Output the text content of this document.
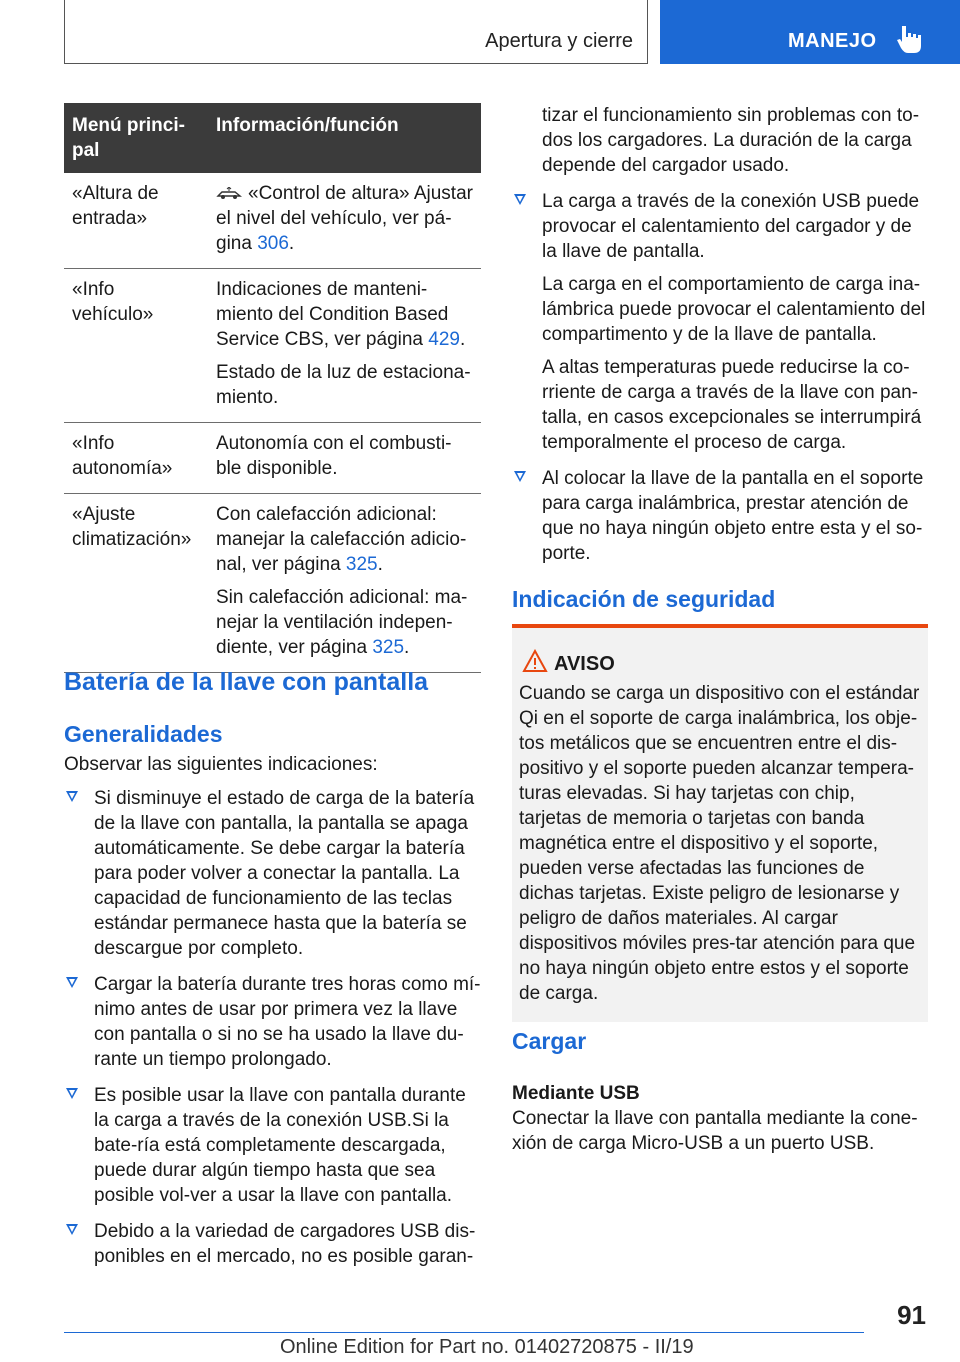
Apertura y cierre	MANEJO
Menú princi-pal	Información/función
«Altura de entrada»	«Control de altura» Ajustar el nivel del vehículo, ver pá-gina 306.

«Info vehículo»	Indicaciones de manteni-miento del Condition Based Service CBS, ver página 429.

Estado de la luz de estaciona-miento.

«Info autonomía»	Autonomía con el combusti-ble disponible.

«Ajuste climatización»	Con calefacción adicional: manejar la calefacción adicio-nal, ver página 325.

Sin calefacción adicional: ma-nejar la ventilación indepen-diente, ver página 325.

Batería de la llave con pantalla
Generalidades

Observar las siguientes indicaciones:

Si disminuye el estado de carga de la batería de la llave con pantalla, la pantalla se apaga automáticamente. Se debe cargar la batería para poder volver a conectar la pantalla. La capacidad de funcionamiento de las teclas estándar permanece hasta que la batería se descargue por completo.
Cargar la batería durante tres horas como mí-nimo antes de usar por primera vez la llave con pantalla o si no se ha usado la llave du-rante un tiempo prolongado.
Es posible usar la llave con pantalla durante la carga a través de la conexión USB.Si la bate-ría está completamente descargada, puede durar algún tiempo hasta que sea posible vol-ver a usar la llave con pantalla.
Debido a la variedad de cargadores USB dis-ponibles en el mercado, no es posible garan-

tizar el funcionamiento sin problemas con to-dos los cargadores. La duración de la carga depende del cargador usado.

La carga a través de la conexión USB puede provocar el calentamiento del cargador y de la llave de pantalla.

La carga en el comportamiento de carga ina-lámbrica puede provocar el calentamiento del compartimento y de la llave de pantalla.

A altas temperaturas puede reducirse la co-rriente de carga a través de la llave con pan-talla, en casos excepcionales se interrumpirá temporalmente el proceso de carga.

Al colocar la llave de la pantalla en el soporte para carga inalámbrica, prestar atención de que no haya ningún objeto entre esta y el so-porte.

Indicación de seguridad
AVISO

Cuando se carga un dispositivo con el estándar Qi en el soporte de carga inalámbrica, los obje-tos metálicos que se encuentren entre el dis-positivo y el soporte pueden alcanzar tempera-turas elevadas. Si hay tarjetas con chip, tarjetas de memoria o tarjetas con banda magnética entre el dispositivo y el soporte, pueden verse afectadas las funciones de dichas tarjetas. Existe peligro de lesionarse y peligro de daños materiales. Al cargar dispositivos móviles pres-tar atención para que no haya ningún objeto entre estos y el soporte de carga.

Cargar

Mediante USB

Conectar la llave con pantalla mediante la cone-xión de carga Micro-USB a un puerto USB.

91
Online Edition for Part no. 01402720875 - II/19
